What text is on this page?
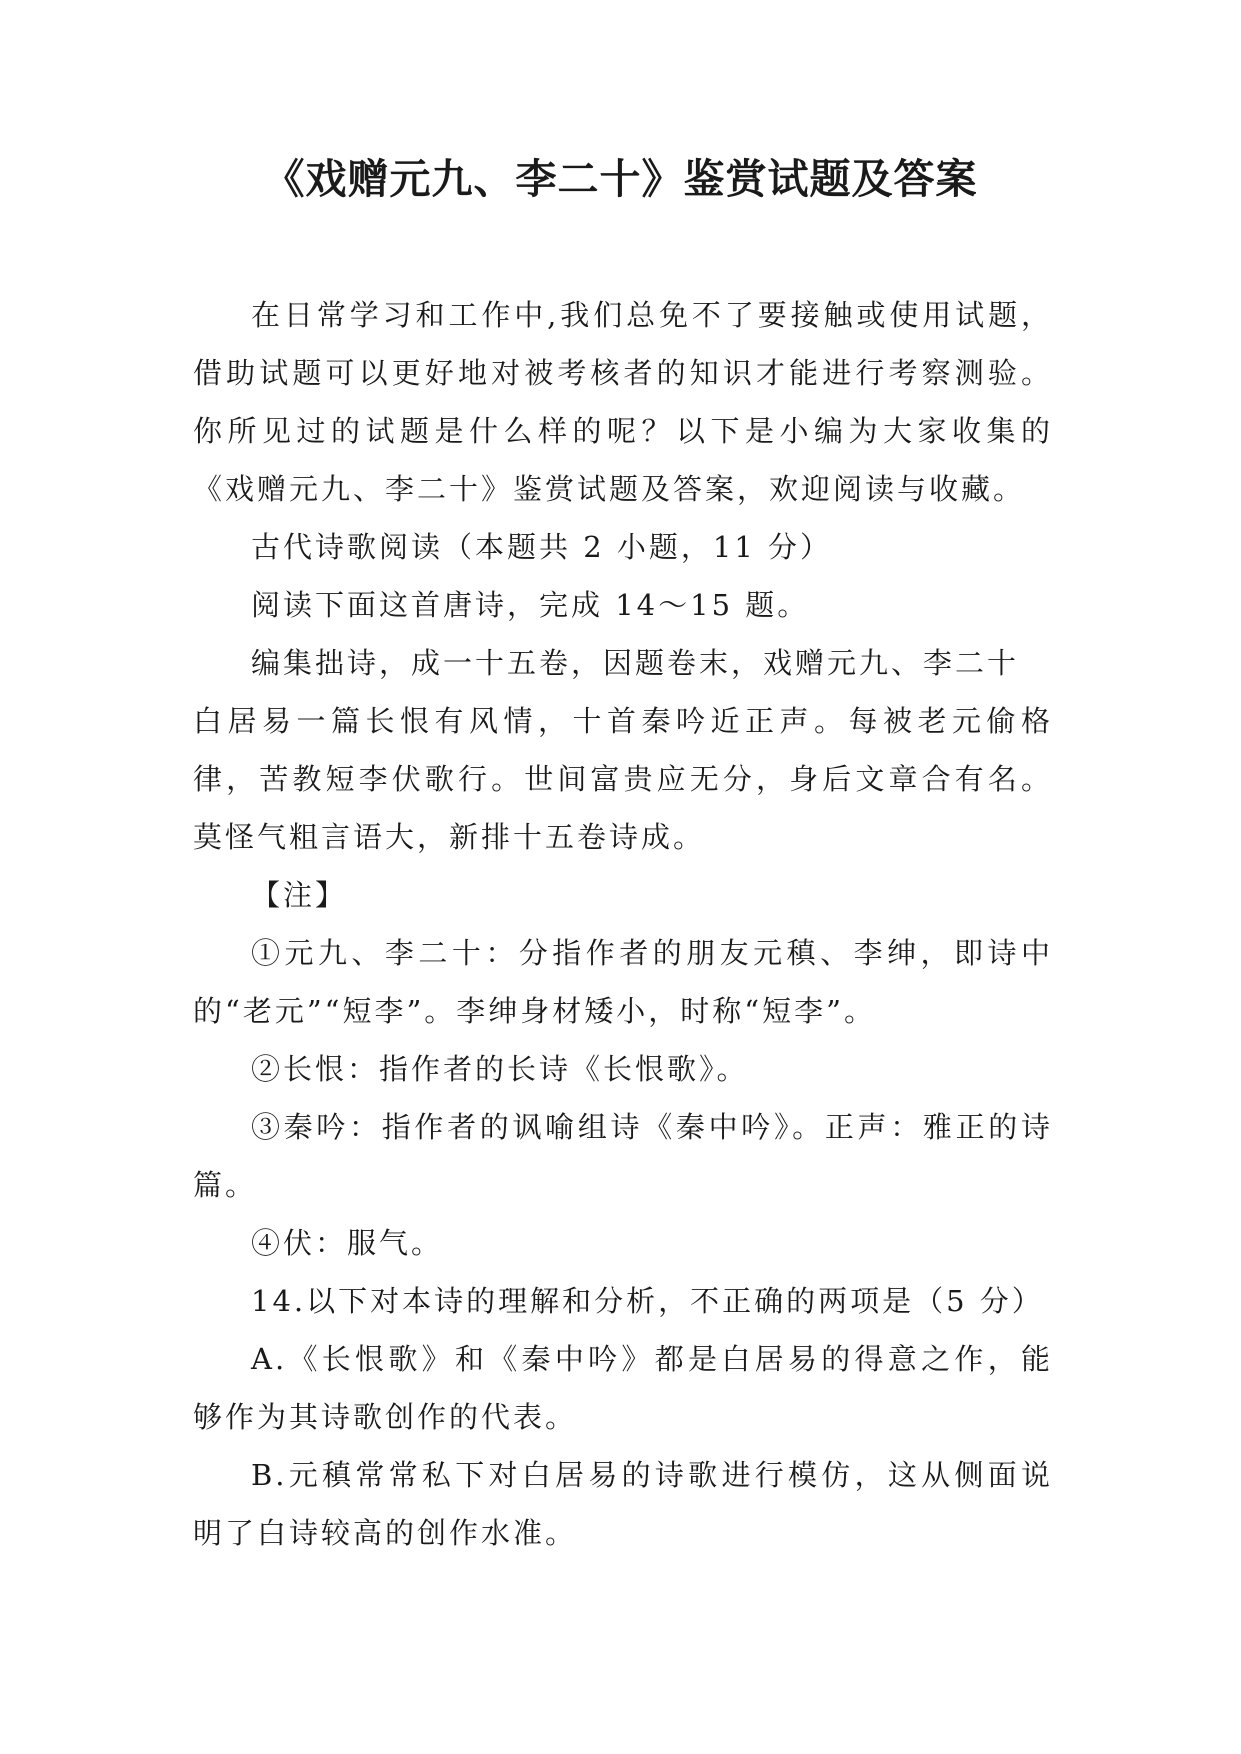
《戏赠元九、李二十》鉴赏试题及答案

在日常学习和工作中,我们总免不了要接触或使用试题，借助试题可以更好地对被考核者的知识才能进行考察测验。你所见过的试题是什么样的呢？以下是小编为大家收集的《戏赠元九、李二十》鉴赏试题及答案，欢迎阅读与收藏。

古代诗歌阅读（本题共 2 小题，11 分）

阅读下面这首唐诗，完成 14～15 题。

编集拙诗，成一十五卷，因题卷末，戏赠元九、李二十

白居易一篇长恨有风情，十首秦吟近正声。每被老元偷格律，苦教短李伏歌行。世间富贵应无分，身后文章合有名。莫怪气粗言语大，新排十五卷诗成。

【注】

①元九、李二十：分指作者的朋友元稹、李绅，即诗中的“老元”“短李”。李绅身材矮小，时称“短李”。

②长恨：指作者的长诗《长恨歌》。

③秦吟：指作者的讽喻组诗《秦中吟》。正声：雅正的诗篇。

④伏：服气。

14.以下对本诗的理解和分析，不正确的两项是（5 分）

A.《长恨歌》和《秦中吟》都是白居易的得意之作，能够作为其诗歌创作的代表。

B.元稹常常私下对白居易的诗歌进行模仿，这从侧面说明了白诗较高的创作水准。
